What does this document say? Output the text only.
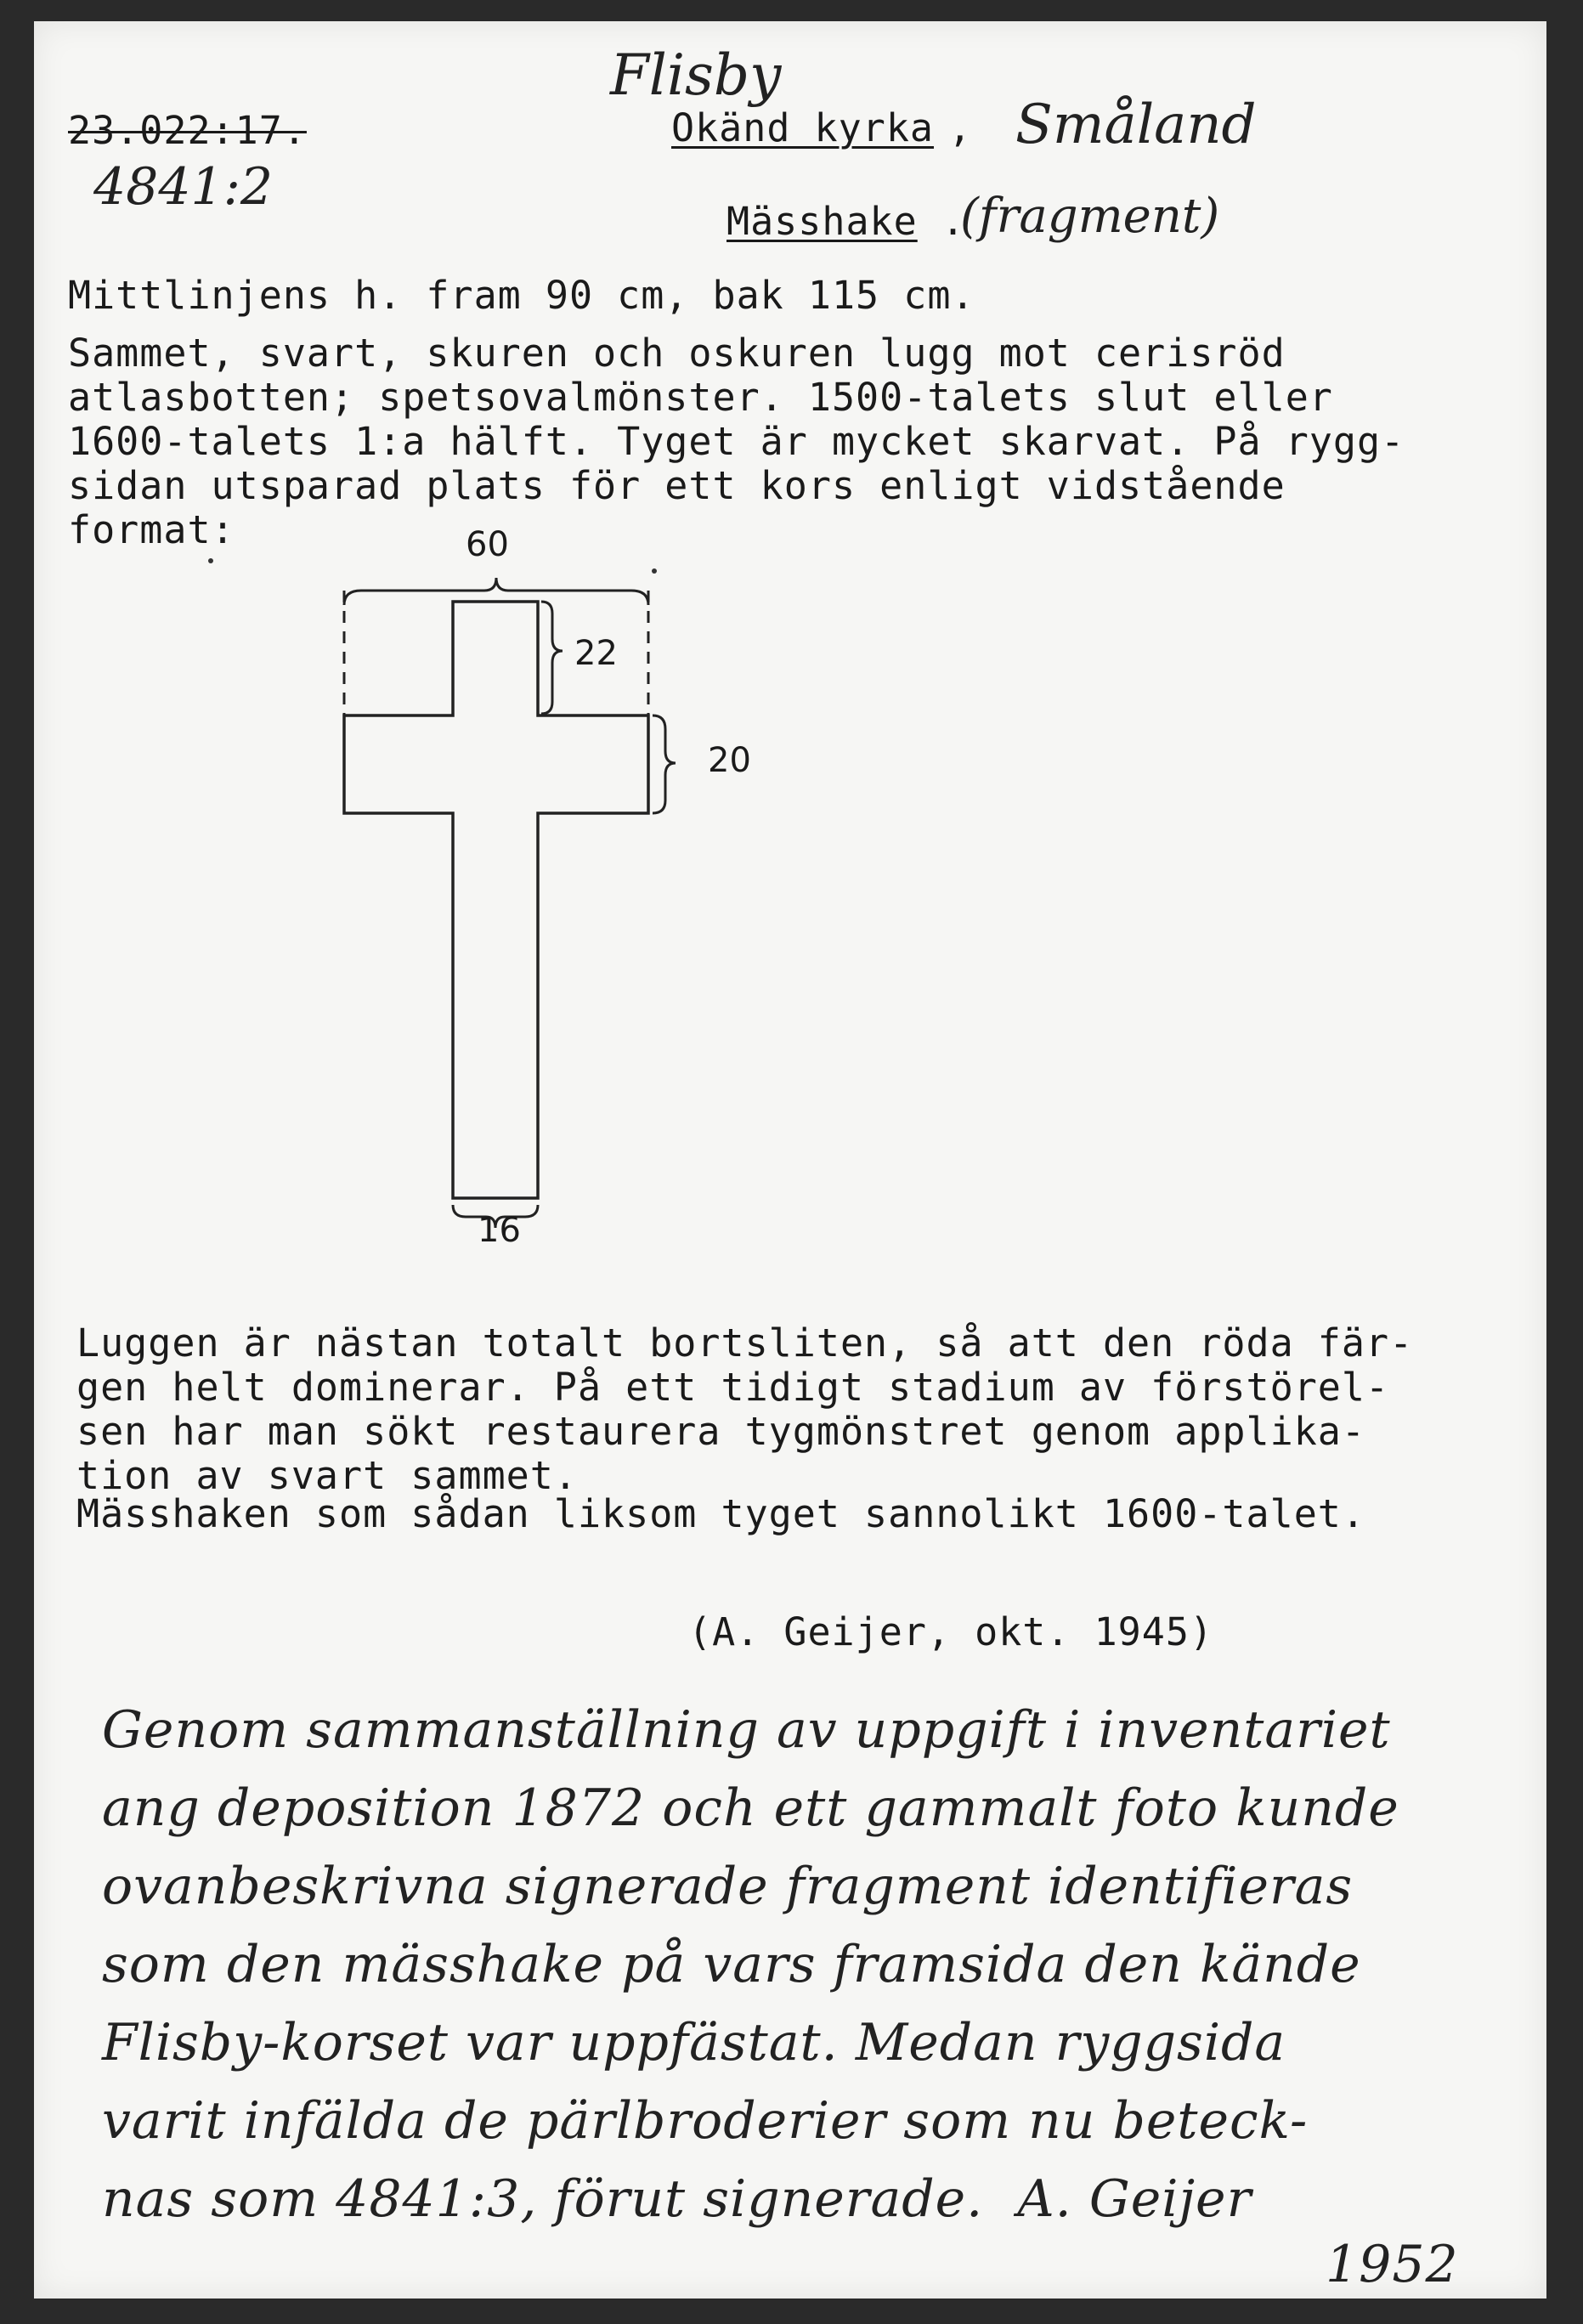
23.022:17.
4841:2
Flisby
Okänd kyrka , Småland
Mässhake .
(fragment)
Mittlinjens h. fram 90 cm, bak 115 cm.
Sammet, svart, skuren och oskuren lugg mot cerisröd
atlasbotten; spetsovalmönster. 1500-talets slut eller
1600-talets 1:a hälft. Tyget är mycket skarvat. På rygg-
sidan utsparad plats för ett kors enligt vidstående
format:	60
22
20
16
Luggen är nästan totalt bortsliten, så att den röda fär-
gen helt dominerar. På ett tidigt stadium av förstörel-
sen har man sökt restaurera tygmönstret genom applika-
tion av svart sammet.
Mässhaken som sådan liksom tyget sannolikt 1600-talet.
(A. Geijer, okt. 1945)
Genom sammanställning av uppgift i inventariet
ang deposition 1872 och ett gammalt foto kunde
ovanbeskrivna signerade fragment identifieras
som den mässhake på vars framsida den kände
Flisby-korset var uppfästat. Medan ryggsida
varit infälda de pärlbroderier som nu beteck-
nas som 4841:3, förut signerade.  A. Geijer
1952
